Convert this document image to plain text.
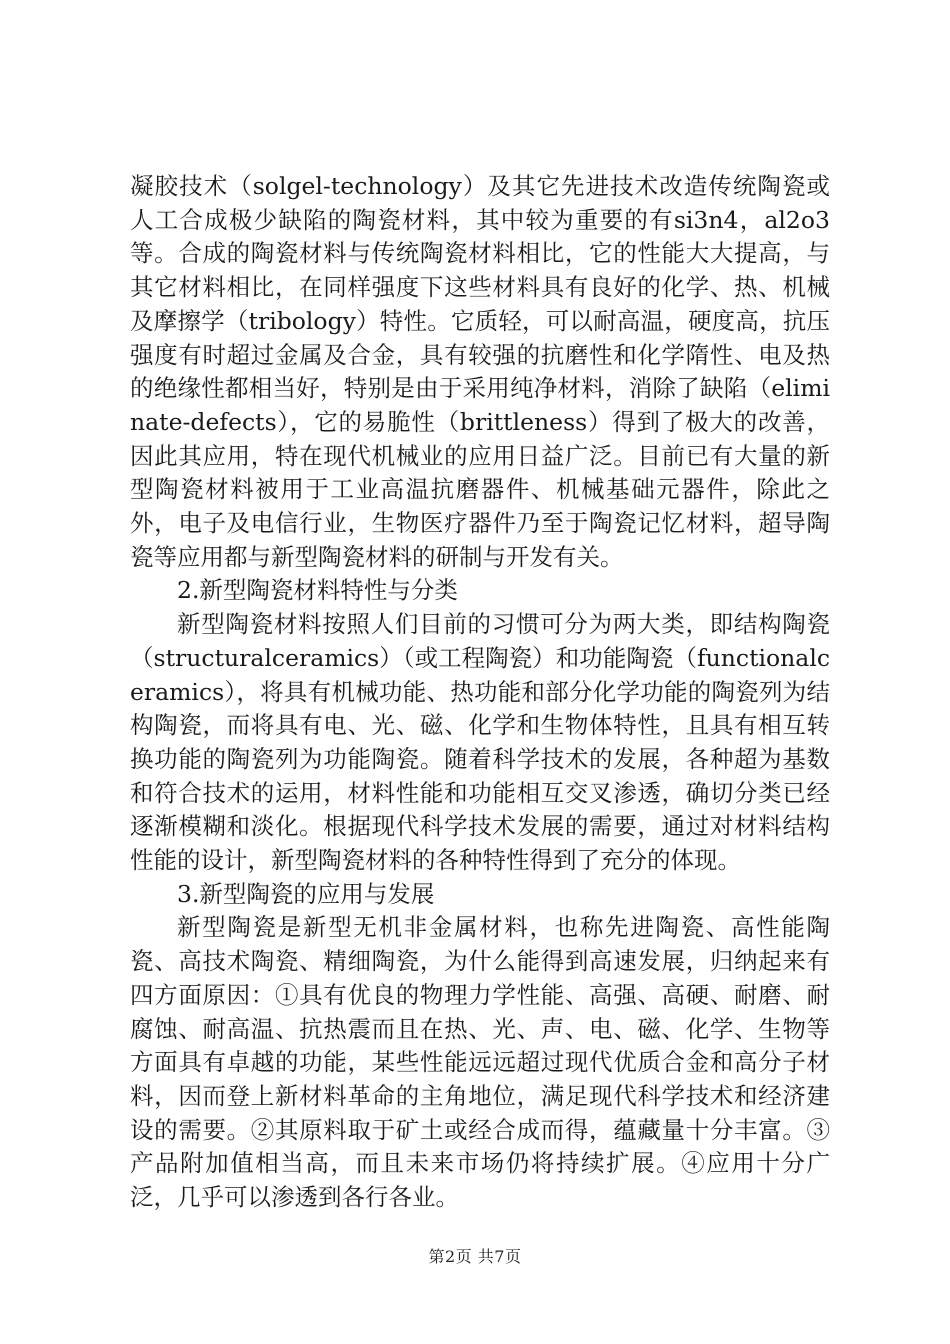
凝胶技术（solgel-technology）及其它先进技术改造传统陶瓷或人工合成极少缺陷的陶瓷材料，其中较为重要的有si3n4，al2o3等。合成的陶瓷材料与传统陶瓷材料相比，它的性能大大提高，与其它材料相比，在同样强度下这些材料具有良好的化学、热、机械及摩擦学（tribology）特性。它质轻，可以耐高温，硬度高，抗压强度有时超过金属及合金，具有较强的抗磨性和化学隋性、电及热的绝缘性都相当好，特别是由于采用纯净材料，消除了缺陷（eliminate-defects），它的易脆性（brittleness）得到了极大的改善，因此其应用，特在现代机械业的应用日益广泛。目前已有大量的新型陶瓷材料被用于工业高温抗磨器件、机械基础元器件，除此之外，电子及电信行业，生物医疗器件乃至于陶瓷记忆材料，超导陶瓷等应用都与新型陶瓷材料的研制与开发有关。

2.新型陶瓷材料特性与分类

新型陶瓷材料按照人们目前的习惯可分为两大类，即结构陶瓷（structuralceramics）（或工程陶瓷）和功能陶瓷（functionalceramics），将具有机械功能、热功能和部分化学功能的陶瓷列为结构陶瓷，而将具有电、光、磁、化学和生物体特性，且具有相互转换功能的陶瓷列为功能陶瓷。随着科学技术的发展，各种超为基数和符合技术的运用，材料性能和功能相互交叉渗透，确切分类已经逐渐模糊和淡化。根据现代科学技术发展的需要，通过对材料结构性能的设计，新型陶瓷材料的各种特性得到了充分的体现。

3.新型陶瓷的应用与发展

新型陶瓷是新型无机非金属材料，也称先进陶瓷、高性能陶瓷、高技术陶瓷、精细陶瓷，为什么能得到高速发展，归纳起来有四方面原因：①具有优良的物理力学性能、高强、高硬、耐磨、耐腐蚀、耐高温、抗热震而且在热、光、声、电、磁、化学、生物等方面具有卓越的功能，某些性能远远超过现代优质合金和高分子材料，因而登上新材料革命的主角地位，满足现代科学技术和经济建设的需要。②其原料取于矿土或经合成而得，蕴藏量十分丰富。③产品附加值相当高，而且未来市场仍将持续扩展。④应用十分广泛，几乎可以渗透到各行各业。

第2页 共7页
